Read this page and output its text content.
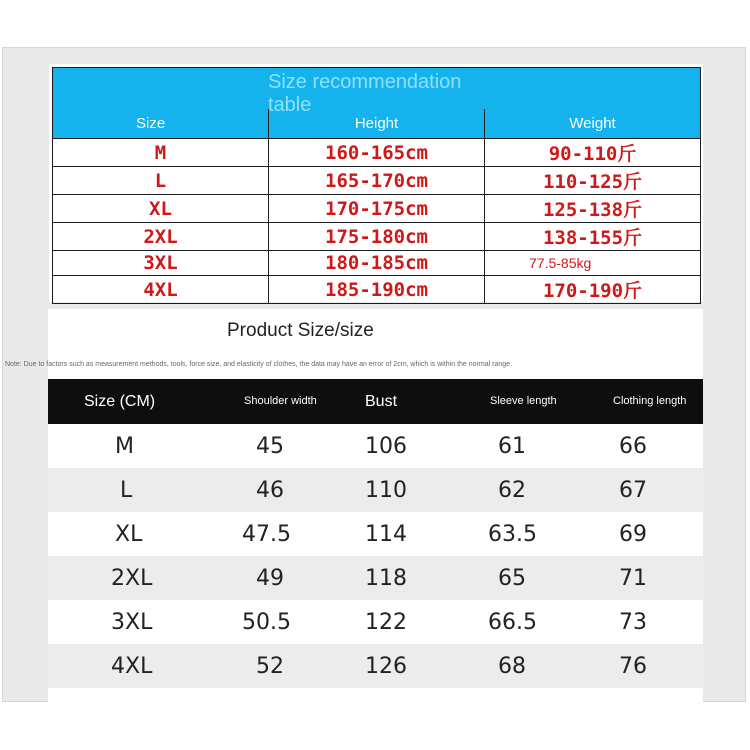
Size recommendation table		

Size	Height	Weight
M	160-165cm	90-110斤
L	165-170cm	110-125斤
XL	170-175cm	125-138斤
2XL	175-180cm	138-155斤
3XL	180-185cm	77.5-85kg
4XL	185-190cm	170-190斤
Product Size/size
Note: Due to factors such as measurement methods, tools, force size, and elasticity of clothes, the data may have an error of 2cm, which is within the normal range.
Size (CM)	Shoulder width	Bust	Sleeve length	Clothing length
M	45	106	61	66
L	46	110	62	67
XL	47.5	114	63.5	69
2XL	49	118	65	71
3XL	50.5	122	66.5	73
4XL	52	126	68	76
